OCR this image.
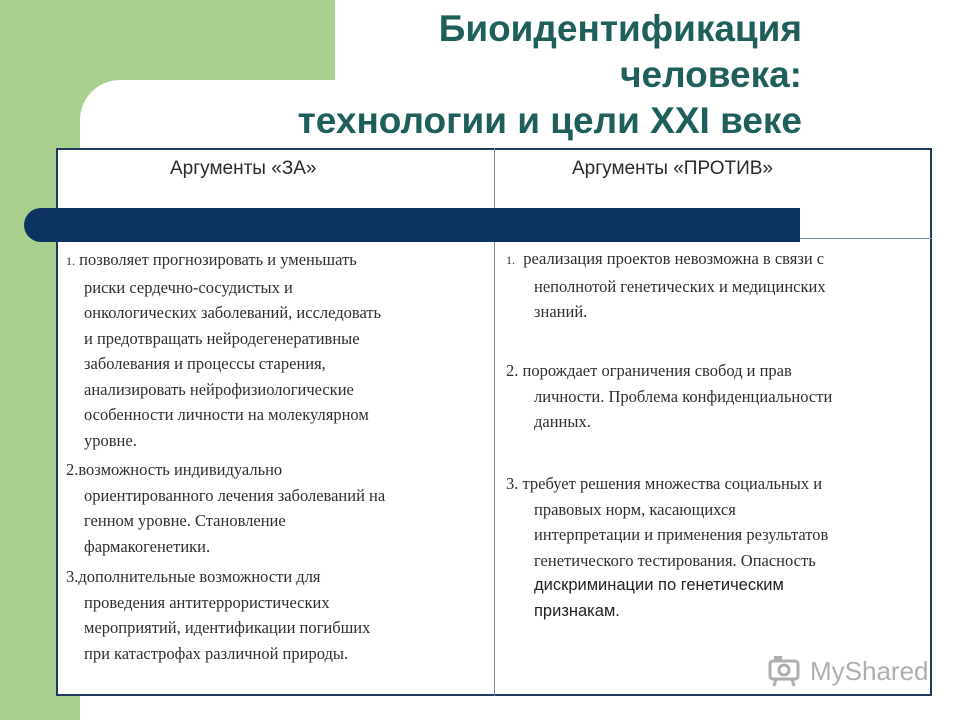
Биоидентификация
человека:
технологии и цели XXI веке
Аргументы «ЗА»	Аргументы «ПРОТИВ»
1. позволяет прогнозировать и уменьшать
риски сердечно-сосудистых и
онкологических заболеваний, исследовать
и предотвращать нейродегенеративные
заболевания и процессы старения,
анализировать нейрофизиологические
особенности личности на молекулярном
уровне.
2.возможность индивидуально
ориентированного лечения заболеваний на
генном уровне. Становление
фармакогенетики.
3.дополнительные возможности для
проведения антитеррористических
мероприятий, идентификации погибших
при катастрофах различной природы.
1. реализация проектов невозможна в связи с
неполнотой генетических и медицинских
знаний.
2. порождает ограничения свобод и прав
личности. Проблема конфиденциальности
данных.
3. требует решения множества социальных и
правовых норм, касающихся
интерпретации и применения результатов
генетического тестирования. Опасность
дискриминации по генетическим
признакам.
MyShared
